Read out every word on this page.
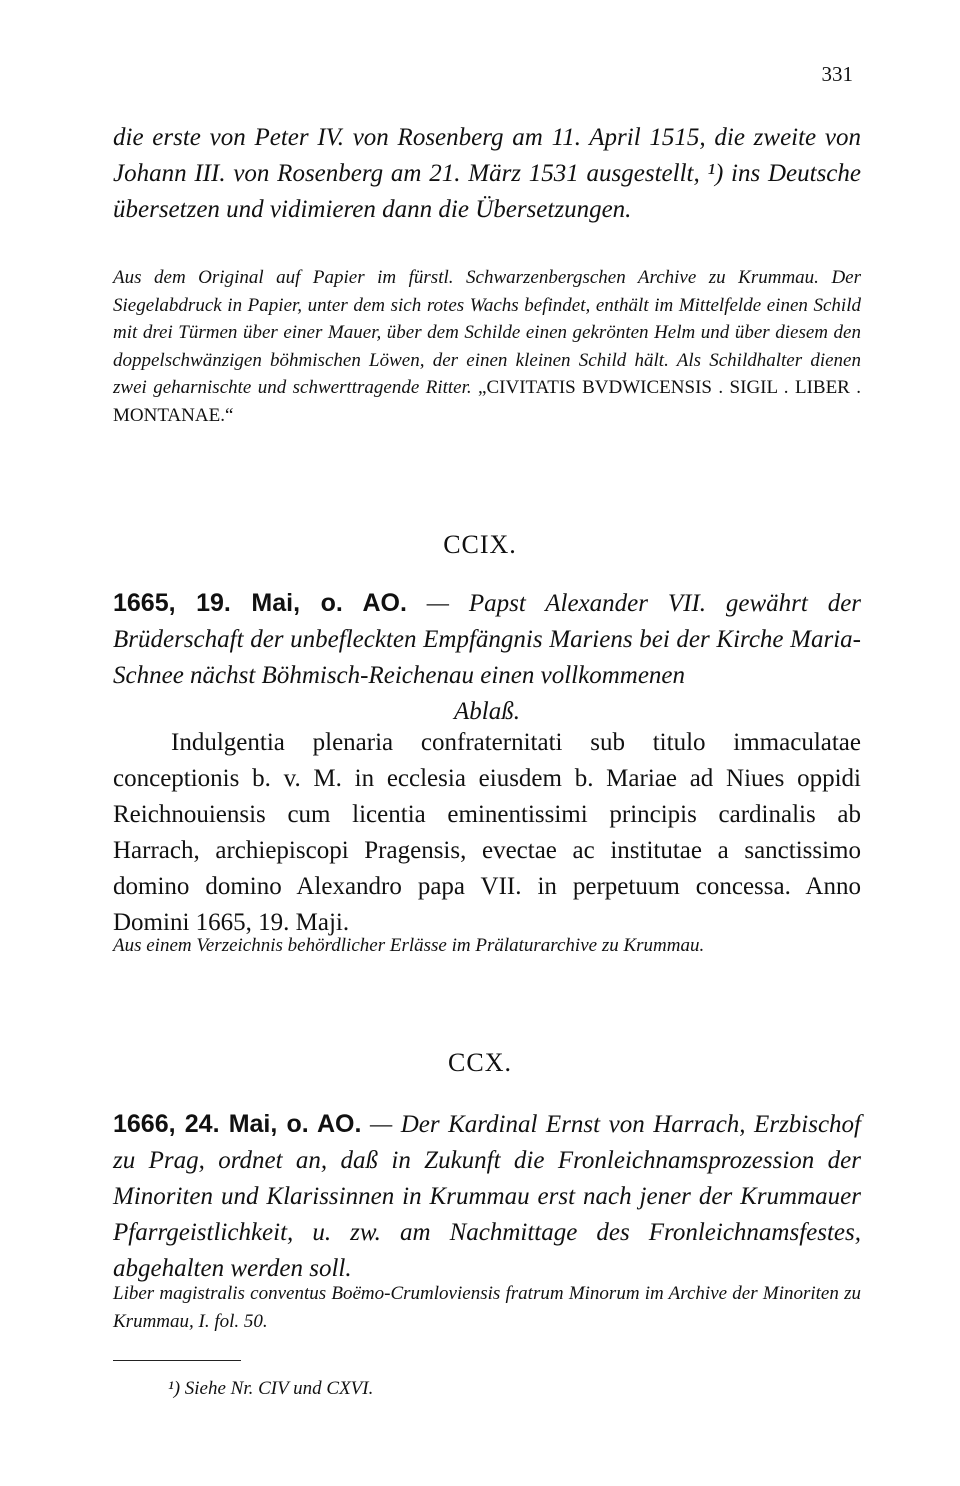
331
die erste von Peter IV. von Rosenberg am 11. April 1515, die zweite von Johann III. von Rosenberg am 21. März 1531 ausgestellt, ¹) ins Deutsche übersetzen und vidimieren dann die Übersetzungen.
Aus dem Original auf Papier im fürstl. Schwarzenbergschen Archive zu Krummau. Der Siegelabdruck in Papier, unter dem sich rotes Wachs befindet, enthält im Mittelfelde einen Schild mit drei Türmen über einer Mauer, über dem Schilde einen gekrönten Helm und über diesem den doppelschwänzigen böhmischen Löwen, der einen kleinen Schild hält. Als Schildhalter dienen zwei geharnischte und schwerttragende Ritter. „CIVITATIS BVDWICENSIS . SIGIL . LIBER . MONTANAE.“
CCIX.
1665, 19. Mai, o. AO. — Papst Alexander VII. gewährt der Brüderschaft der unbefleckten Empfängnis Mariens bei der Kirche Maria-Schnee nächst Böhmisch-Reichenau einen vollkommenen
Ablaß.
Indulgentia plenaria confraternitati sub titulo immaculatae conceptionis b. v. M. in ecclesia eiusdem b. Mariae ad Niues oppidi Reichnouiensis cum licentia eminentissimi principis cardinalis ab Harrach, archiepiscopi Pragensis, evectae ac institutae a sanctissimo domino domino Alexandro papa VII. in perpetuum concessa. Anno Domini 1665, 19. Maji.
Aus einem Verzeichnis behördlicher Erlässe im Prälaturarchive zu Krummau.
CCX.
1666, 24. Mai, o. AO. — Der Kardinal Ernst von Harrach, Erzbischof zu Prag, ordnet an, daß in Zukunft die Fronleichnamsprozession der Minoriten und Klarissinnen in Krummau erst nach jener der Krummauer Pfarrgeistlichkeit, u. zw. am Nachmittage des Fronleichnamsfestes, abgehalten werden soll.
Liber magistralis conventus Boëmo-Crumloviensis fratrum Minorum im Archive der Minoriten zu Krummau, I. fol. 50.
¹) Siehe Nr. CIV und CXVI.
